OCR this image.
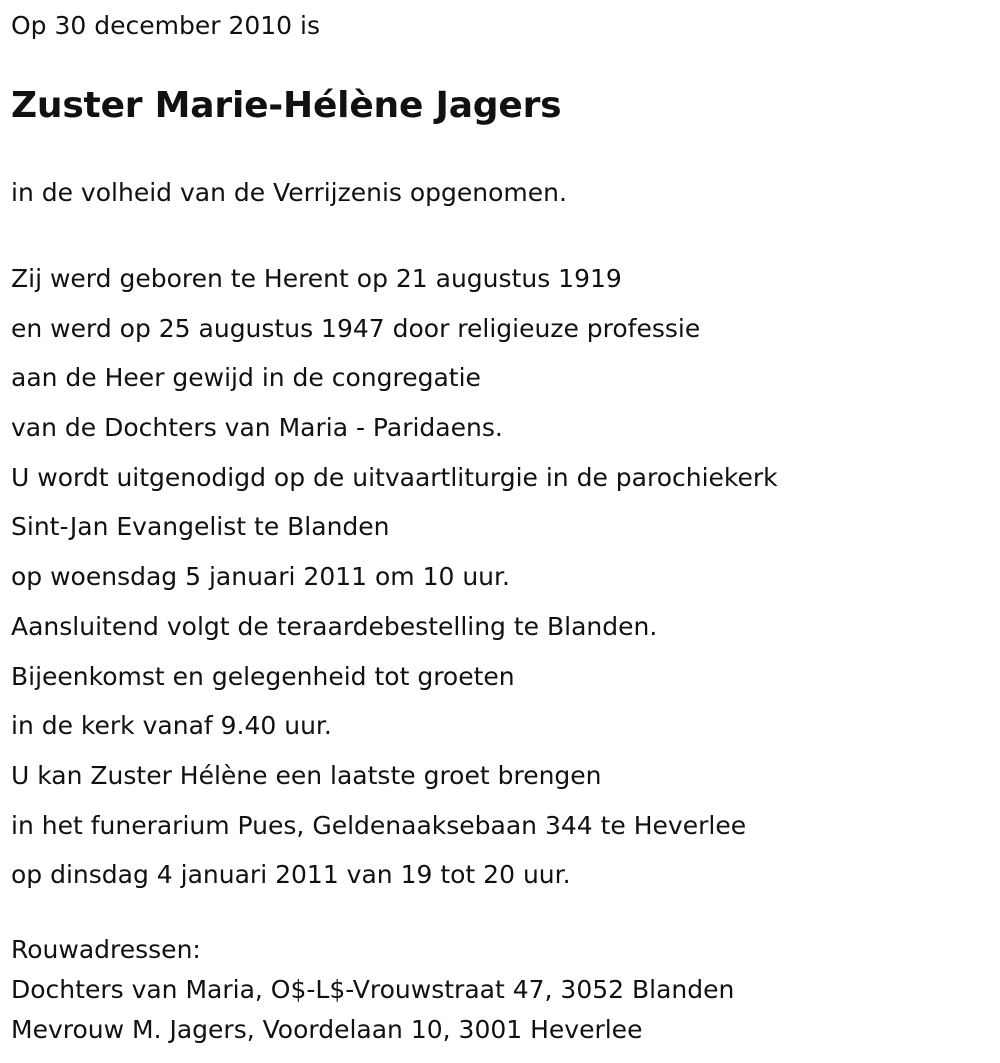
Op 30 december 2010 is
Zuster Marie-Hélène Jagers
in de volheid van de Verrijzenis opgenomen.
Zij werd geboren te Herent op 21 augustus 1919
en werd op 25 augustus 1947 door religieuze professie
aan de Heer gewijd in de congregatie
van de Dochters van Maria - Paridaens.
U wordt uitgenodigd op de uitvaartliturgie in de parochiekerk
Sint-Jan Evangelist te Blanden
op woensdag 5 januari 2011 om 10 uur.
Aansluitend volgt de teraardebestelling te Blanden.
Bijeenkomst en gelegenheid tot groeten
in de kerk vanaf 9.40 uur.
U kan Zuster Hélène een laatste groet brengen
in het funerarium Pues, Geldenaaksebaan 344 te Heverlee
op dinsdag 4 januari 2011 van 19 tot 20 uur.
Rouwadressen:
Dochters van Maria, O$-L$-Vrouwstraat 47, 3052 Blanden
Mevrouw M. Jagers, Voordelaan 10, 3001 Heverlee
